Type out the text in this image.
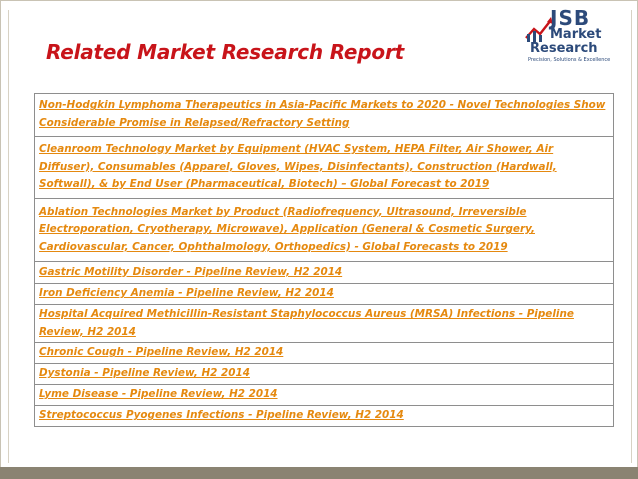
Related Market Research Report
JSB
Market
Research
Precision, Solutions & Excellence
Non-Hodgkin Lymphoma Therapeutics in Asia-Pacific Markets to 2020 - Novel Technologies Show Considerable Promise in Relapsed/Refractory Setting
Cleanroom Technology Market by Equipment (HVAC System, HEPA Filter, Air Shower, Air Diffuser), Consumables (Apparel, Gloves, Wipes, Disinfectants), Construction (Hardwall, Softwall), & by End User (Pharmaceutical, Biotech) – Global Forecast to 2019
Ablation Technologies Market by Product (Radiofrequency, Ultrasound, Irreversible Electroporation, Cryotherapy, Microwave), Application (General & Cosmetic Surgery, Cardiovascular, Cancer, Ophthalmology, Orthopedics) - Global Forecasts to 2019
Gastric Motility Disorder - Pipeline Review, H2 2014
Iron Deficiency Anemia - Pipeline Review, H2 2014
Hospital Acquired Methicillin-Resistant Staphylococcus Aureus (MRSA) Infections - Pipeline Review, H2 2014
Chronic Cough - Pipeline Review, H2 2014
Dystonia - Pipeline Review, H2 2014
Lyme Disease - Pipeline Review, H2 2014
Streptococcus Pyogenes Infections - Pipeline Review, H2 2014
